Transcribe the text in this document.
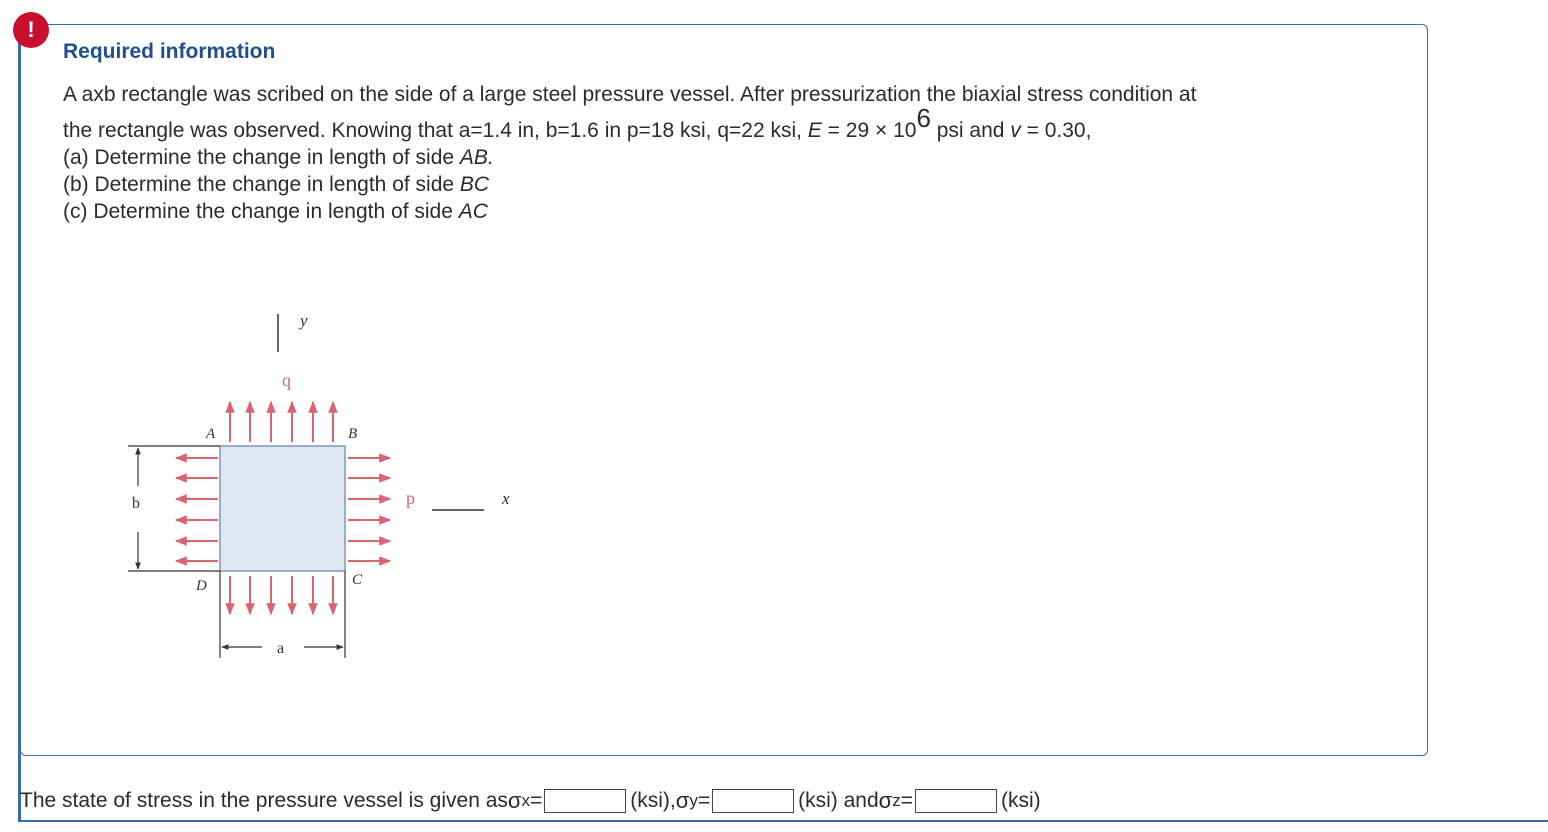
!
Required information
A axb rectangle was scribed on the side of a large steel pressure vessel. After pressurization the biaxial stress condition at
the rectangle was observed. Knowing that a=1.4 in, b=1.6 in p=18 ksi, q=22 ksi, $E = 29 \times 10^6$ psi and v = 0.30,
(a) Determine the change in length of side AB.
(b) Determine the change in length of side BC
(c) Determine the change in length of side AC
y
q
A	B
D	C
p	x
b
a
The state of stress in the pressure vessel is given as σ x =	(ksi), σ y =	(ksi) and σ z =	(ksi)
